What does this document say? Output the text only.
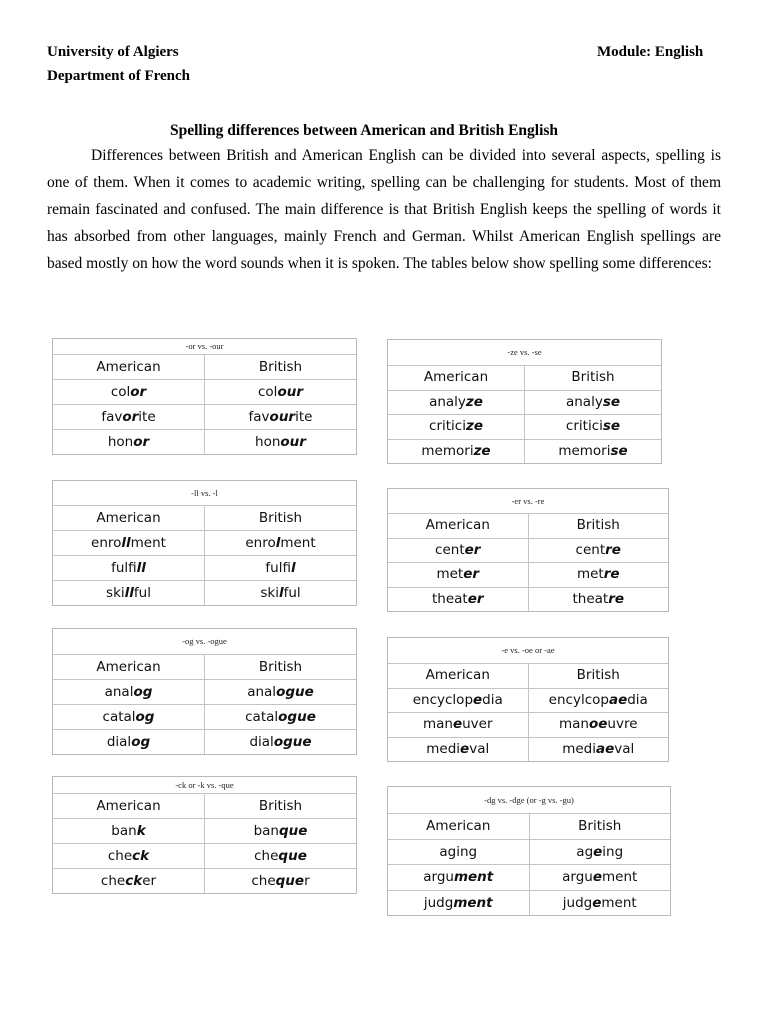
University of Algiers
Department of French
Module: English
Spelling differences between American and British English

Differences between British and American English can be divided into several aspects, spelling is one of them. When it comes to academic writing, spelling can be challenging for students. Most of them remain fascinated and confused. The main difference is that British English keeps the spelling of words it has absorbed from other languages, mainly French and German. Whilst American English spellings are based mostly on how the word sounds when it is spoken. The tables below show spelling some differences:

-or vs. -our
American	British
color	colour
favorite	favourite
honor	honour
-ze vs. -se
American	British
analyze	analyse
criticize	criticise
memorize	memorise
-ll vs. -l
American	British
enrollment	enrolment
fulfill	fulfil
skillful	skilful
-er vs. -re
American	British
center	centre
meter	metre
theater	theatre
-og vs. -ogue
American	British
analog	analogue
catalog	catalogue
dialog	dialogue
-e vs. -oe or -ae
American	British
encyclopedia	encylcopaedia
maneuver	manoeuvre
medieval	mediaeval
-ck or -k vs. -que
American	British
bank	banque
check	cheque
checker	chequer
-dg vs. -dge (or -g vs. -gu)
American	British
aging	ageing
argument	arguement
judgment	judgement
